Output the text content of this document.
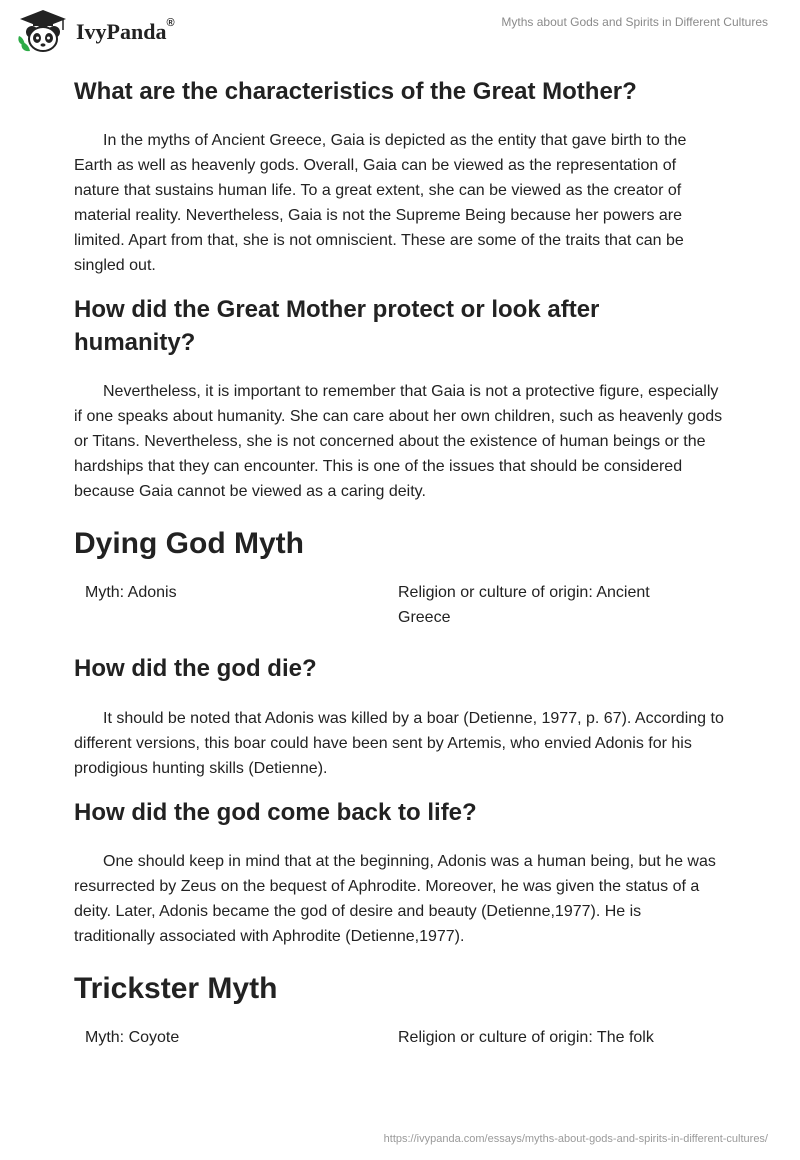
IvyPanda®	Myths about Gods and Spirits in Different Cultures
What are the characteristics of the Great Mother?

In the myths of Ancient Greece, Gaia is depicted as the entity that gave birth to the Earth as well as heavenly gods. Overall, Gaia can be viewed as the representation of nature that sustains human life. To a great extent, she can be viewed as the creator of material reality. Nevertheless, Gaia is not the Supreme Being because her powers are limited. Apart from that, she is not omniscient. These are some of the traits that can be singled out.

How did the Great Mother protect or look after humanity?

Nevertheless, it is important to remember that Gaia is not a protective figure, especially if one speaks about humanity. She can care about her own children, such as heavenly gods or Titans. Nevertheless, she is not concerned about the existence of human beings or the hardships that they can encounter. This is one of the issues that should be considered because Gaia cannot be viewed as a caring deity.

Dying God Myth
Myth: Adonis	Religion or culture of origin: Ancient Greece
How did the god die?

It should be noted that Adonis was killed by a boar (Detienne, 1977, p. 67). According to different versions, this boar could have been sent by Artemis, who envied Adonis for his prodigious hunting skills (Detienne).

How did the god come back to life?

One should keep in mind that at the beginning, Adonis was a human being, but he was resurrected by Zeus on the bequest of Aphrodite. Moreover, he was given the status of a deity. Later, Adonis became the god of desire and beauty (Detienne,1977). He is traditionally associated with Aphrodite (Detienne,1977).

Trickster Myth
Myth: Coyote	Religion or culture of origin: The folk
https://ivypanda.com/essays/myths-about-gods-and-spirits-in-different-cultures/
